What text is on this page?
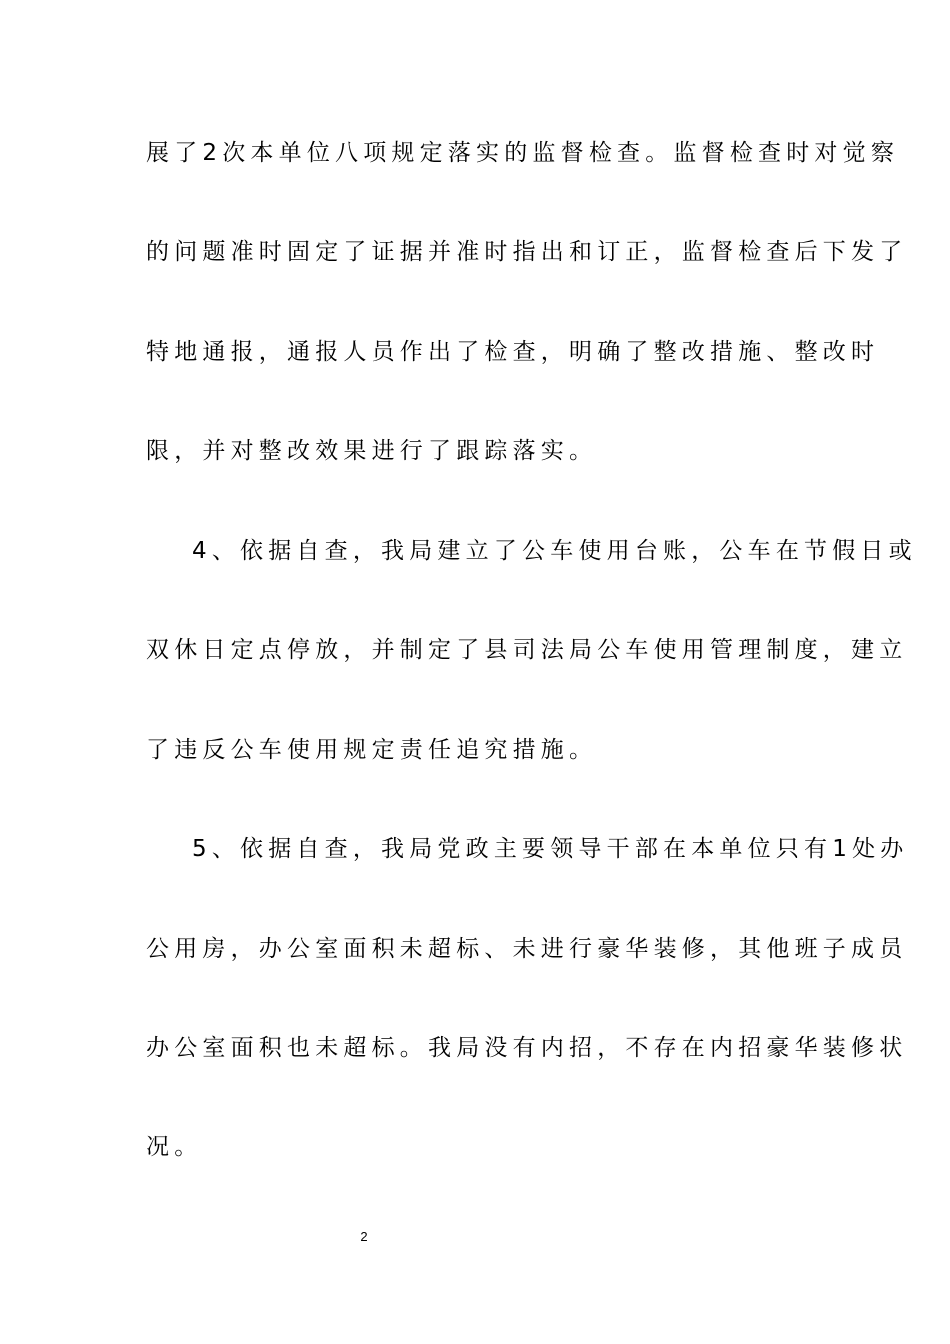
展了2次本单位八项规定落实的监督检查。监督检查时对觉察
的问题准时固定了证据并准时指出和订正，监督检查后下发了
特地通报，通报人员作出了检查，明确了整改措施、整改时
限，并对整改效果进行了跟踪落实。
4、依据自查，我局建立了公车使用台账，公车在节假日或
双休日定点停放，并制定了县司法局公车使用管理制度，建立
了违反公车使用规定责任追究措施。
5、依据自查，我局党政主要领导干部在本单位只有1处办
公用房，办公室面积未超标、未进行豪华装修，其他班子成员
办公室面积也未超标。我局没有内招，不存在内招豪华装修状
况。
2
